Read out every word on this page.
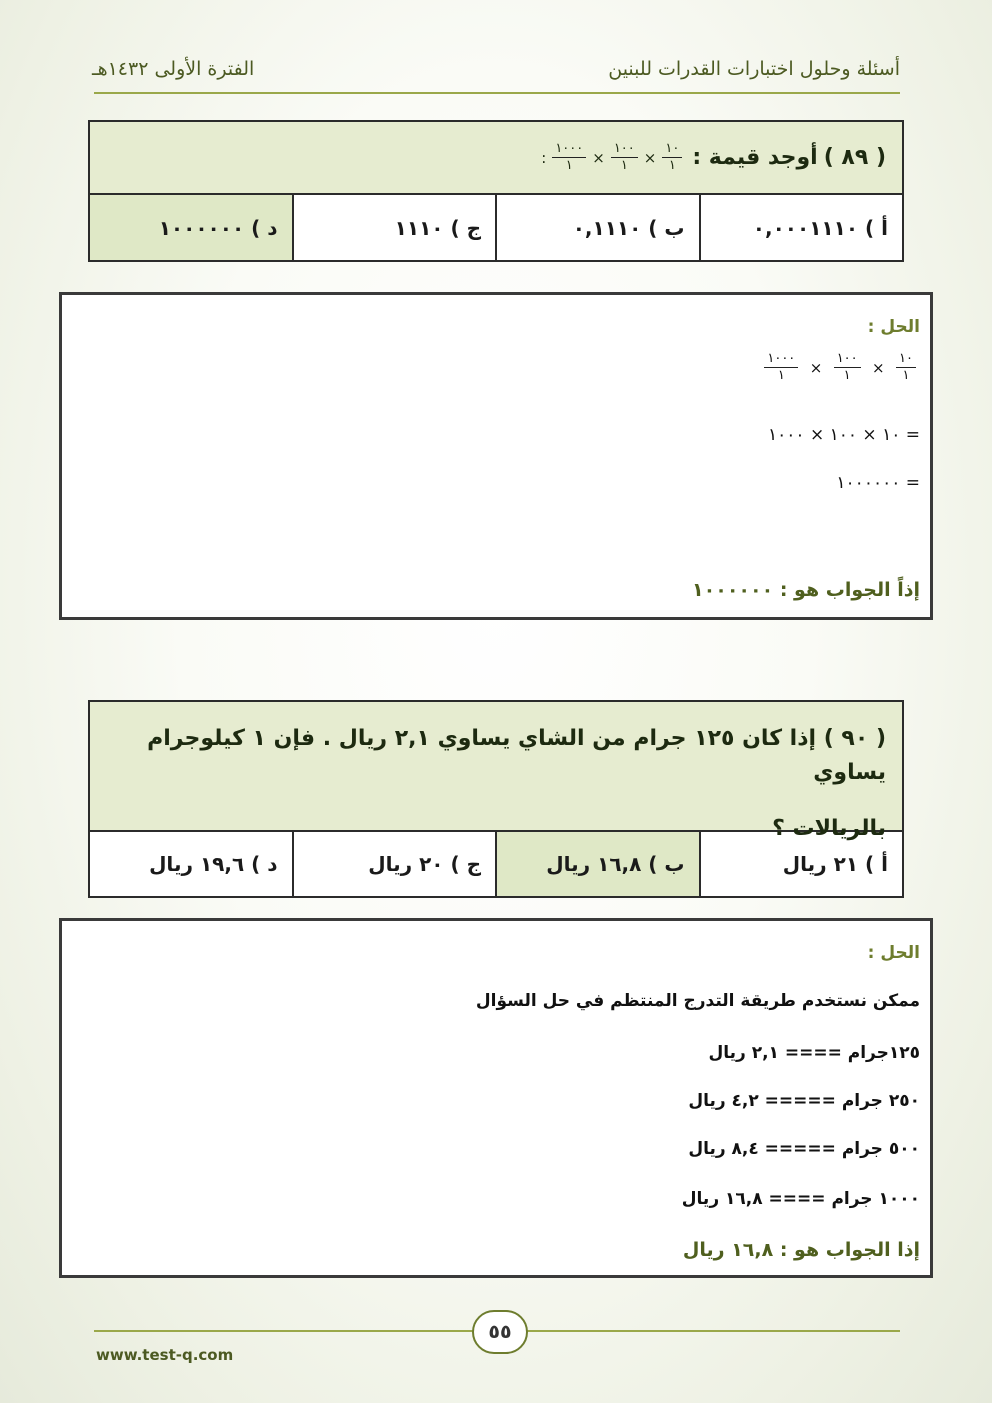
أسئلة وحلول اختبارات القدرات للبنين
الفترة الأولى ١٤٣٢هـ
( ٨٩ )
أوجد قيمة :
: $\frac{١٠٠٠}{١} \times \frac{١٠٠}{١} \times \frac{١٠}{١}$
أ )

٠,٠٠٠١١١٠
ب )

٠,١١١٠
ج )

١١١٠
د )

١٠٠٠٠٠٠
الحل :
$\frac{١٠٠٠}{١} \times \frac{١٠٠}{١} \times \frac{١٠}{١}$
= ١٠ × ١٠٠ × ١٠٠٠
= ١٠٠٠٠٠٠
إذاً الجواب هو : ١٠٠٠٠٠٠
( ٩٠ ) إذا كان ١٢٥ جرام من الشاي يساوي ٢,١ ريال . فإن ١ كيلوجرام يساوي
بالريالات ؟
أ )

٢١ ريال
ب )

١٦,٨ ريال
ج )

٢٠ ريال
د )

١٩,٦ ريال
الحل :
ممكن نستخدم طريقة التدرج المنتظم في حل السؤال
١٢٥جرام ==== ٢,١ ريال
٢٥٠ جرام ===== ٤,٢ ريال
٥٠٠ جرام ===== ٨,٤ ريال
١٠٠٠ جرام ==== ١٦,٨ ريال
إذا الجواب هو : ١٦,٨ ريال
٥٥
www.test-q.com
